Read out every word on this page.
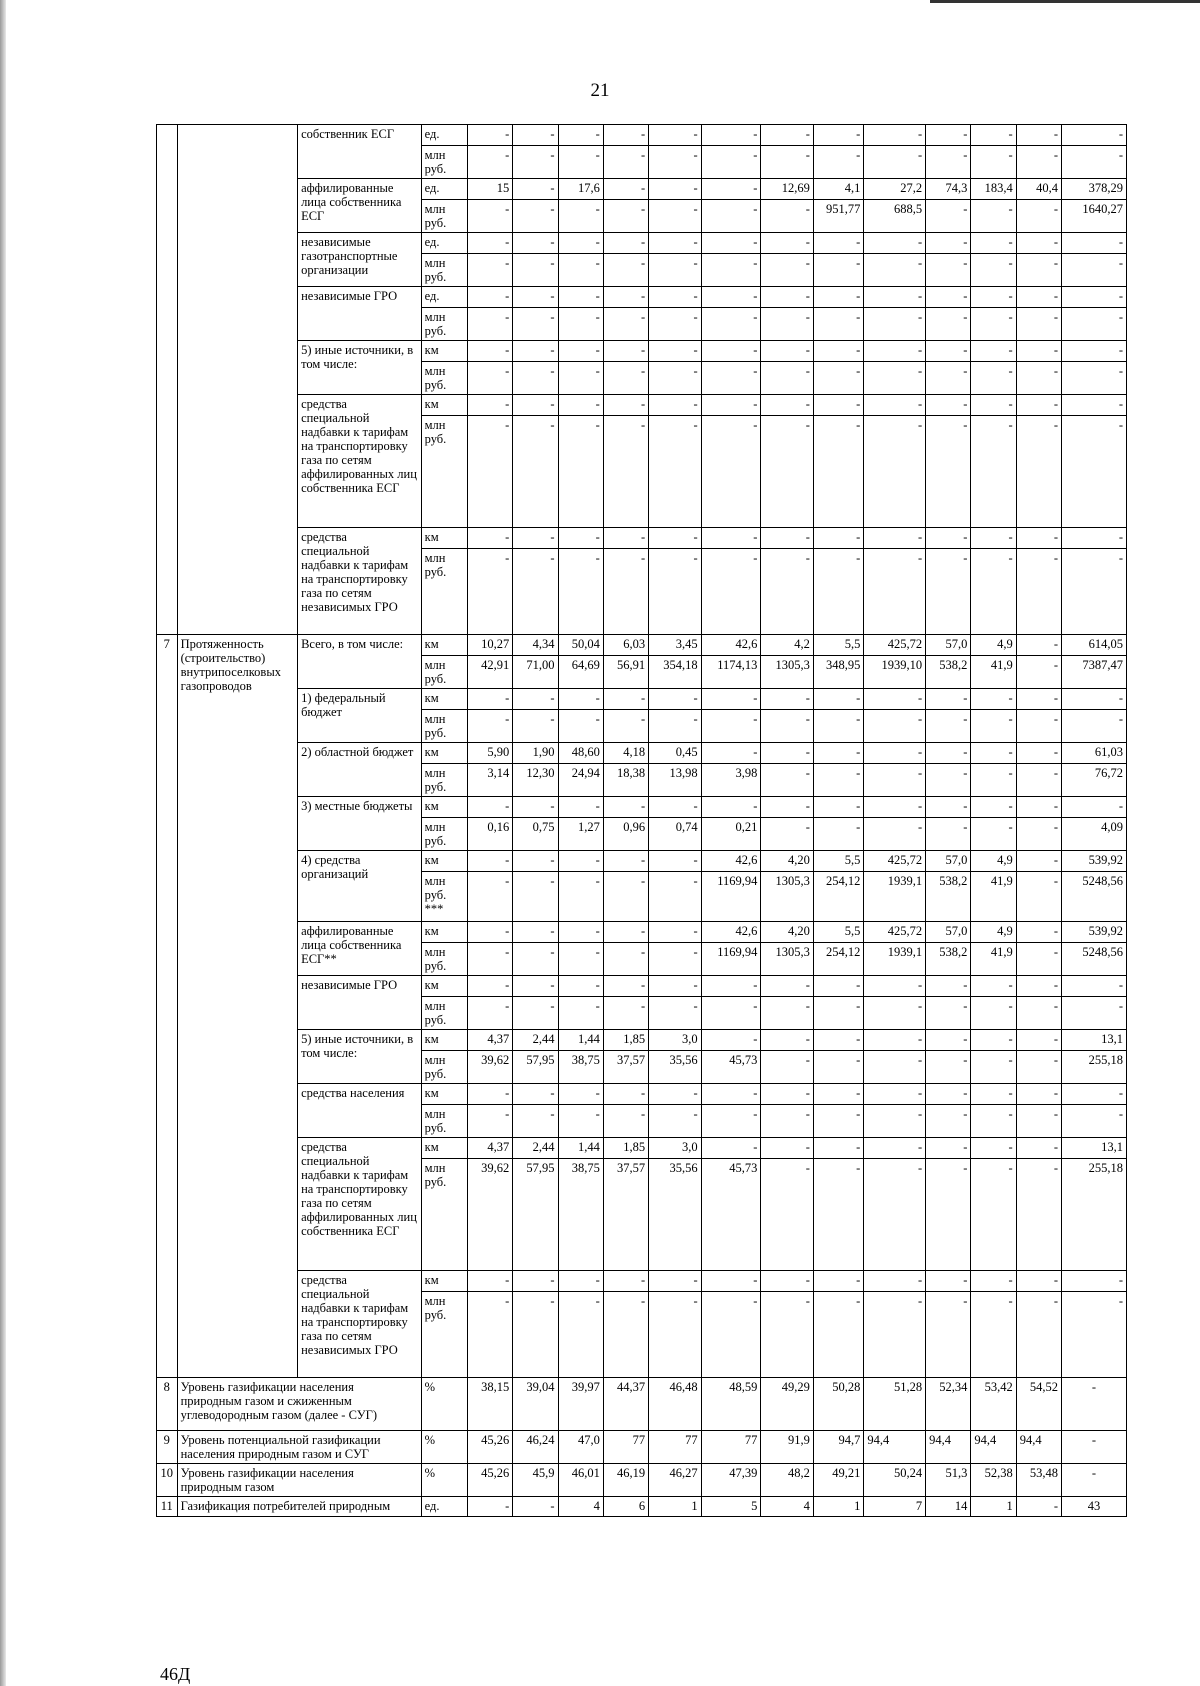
21
		собственник ЕСГ	ед.	-	-	-	-	-	-	-	-	-	-	-	-	-
			млн руб.	-	-	-	-	-	-	-	-	-	-	-	-	-
		аффилированные лица собственника ЕСГ	ед.	15	-	17,6	-	-	-	12,69	4,1	27,2	74,3	183,4	40,4	378,29
			млн руб.	-	-	-	-	-	-	-	951,77	688,5	-	-	-	1640,27
		независимые газотранспортные организации	ед.	-	-	-	-	-	-	-	-	-	-	-	-	-
			млн руб.	-	-	-	-	-	-	-	-	-	-	-	-	-
		независимые ГРО	ед.	-	-	-	-	-	-	-	-	-	-	-	-	-
			млн руб.	-	-	-	-	-	-	-	-	-	-	-	-	-
		5) иные источники, в том числе:	км	-	-	-	-	-	-	-	-	-	-	-	-	-
			млн руб.	-	-	-	-	-	-	-	-	-	-	-	-	-
		средства специальной надбавки к тарифам на транспортировку газа по сетям аффилированных лиц собственника ЕСГ	км	-	-	-	-	-	-	-	-	-	-	-	-	-
			млн руб.	-	-	-	-	-	-	-	-	-	-	-	-	-
		средства специальной надбавки к тарифам на транспортировку газа по сетям независимых ГРО	км	-	-	-	-	-	-	-	-	-	-	-	-	-
			млн руб.	-	-	-	-	-	-	-	-	-	-	-	-	-
7	Протяженность (строительство) внутрипоселковых газопроводов	Всего, в том числе:	км	10,27	4,34	50,04	6,03	3,45	42,6	4,2	5,5	425,72	57,0	4,9	-	614,05
			млн руб.	42,91	71,00	64,69	56,91	354,18	1174,13	1305,3	348,95	1939,10	538,2	41,9	-	7387,47
		1) федеральный бюджет	км	-	-	-	-	-	-	-	-	-	-	-	-	-
			млн руб.	-	-	-	-	-	-	-	-	-	-	-	-	-
		2) областной бюджет	км	5,90	1,90	48,60	4,18	0,45	-	-	-	-	-	-	-	61,03
			млн руб.	3,14	12,30	24,94	18,38	13,98	3,98	-	-	-	-	-	-	76,72
		3) местные бюджеты	км	-	-	-	-	-	-	-	-	-	-	-	-	-
			млн руб.	0,16	0,75	1,27	0,96	0,74	0,21	-	-	-	-	-	-	4,09
		4) средства организаций	км	-	-	-	-	-	42,6	4,20	5,5	425,72	57,0	4,9	-	539,92
			млн руб. ***	-	-	-	-	-	1169,94	1305,3	254,12	1939,1	538,2	41,9	-	5248,56
		аффилированные лица собственника ЕСГ**	км	-	-	-	-	-	42,6	4,20	5,5	425,72	57,0	4,9	-	539,92
			млн руб.	-	-	-	-	-	1169,94	1305,3	254,12	1939,1	538,2	41,9	-	5248,56
		независимые ГРО	км	-	-	-	-	-	-	-	-	-	-	-	-	-
			млн руб.	-	-	-	-	-	-	-	-	-	-	-	-	-
		5) иные источники, в том числе:	км	4,37	2,44	1,44	1,85	3,0	-	-	-	-	-	-	-	13,1
			млн руб.	39,62	57,95	38,75	37,57	35,56	45,73	-	-	-	-	-	-	255,18
		средства населения	км	-	-	-	-	-	-	-	-	-	-	-	-	-
			млн руб.	-	-	-	-	-	-	-	-	-	-	-	-	-
		средства специальной надбавки к тарифам на транспортировку газа по сетям аффилированных лиц собственника ЕСГ	км	4,37	2,44	1,44	1,85	3,0	-	-	-	-	-	-	-	13,1
			млн руб.	39,62	57,95	38,75	37,57	35,56	45,73	-	-	-	-	-	-	255,18
		средства специальной надбавки к тарифам на транспортировку газа по сетям независимых ГРО	км	-	-	-	-	-	-	-	-	-	-	-	-	-
			млн руб.	-	-	-	-	-	-	-	-	-	-	-	-	-
8	Уровень газификации населения природным газом и сжиженным углеводородным газом (далее - СУГ)		%	38,15	39,04	39,97	44,37	46,48	48,59	49,29	50,28	51,28	52,34	53,42	54,52	-
9	Уровень потенциальной газификации населения природным газом и СУГ		%	45,26	46,24	47,0	77	77	77	91,9	94,7	94,4	94,4	94,4	94,4	-
10	Уровень газификации населения природным газом		%	45,26	45,9	46,01	46,19	46,27	47,39	48,2	49,21	50,24	51,3	52,38	53,48	-
11	Газификация потребителей природным		ед.	-	-	4	6	1	5	4	1	7	14	1	-	43
46Д
